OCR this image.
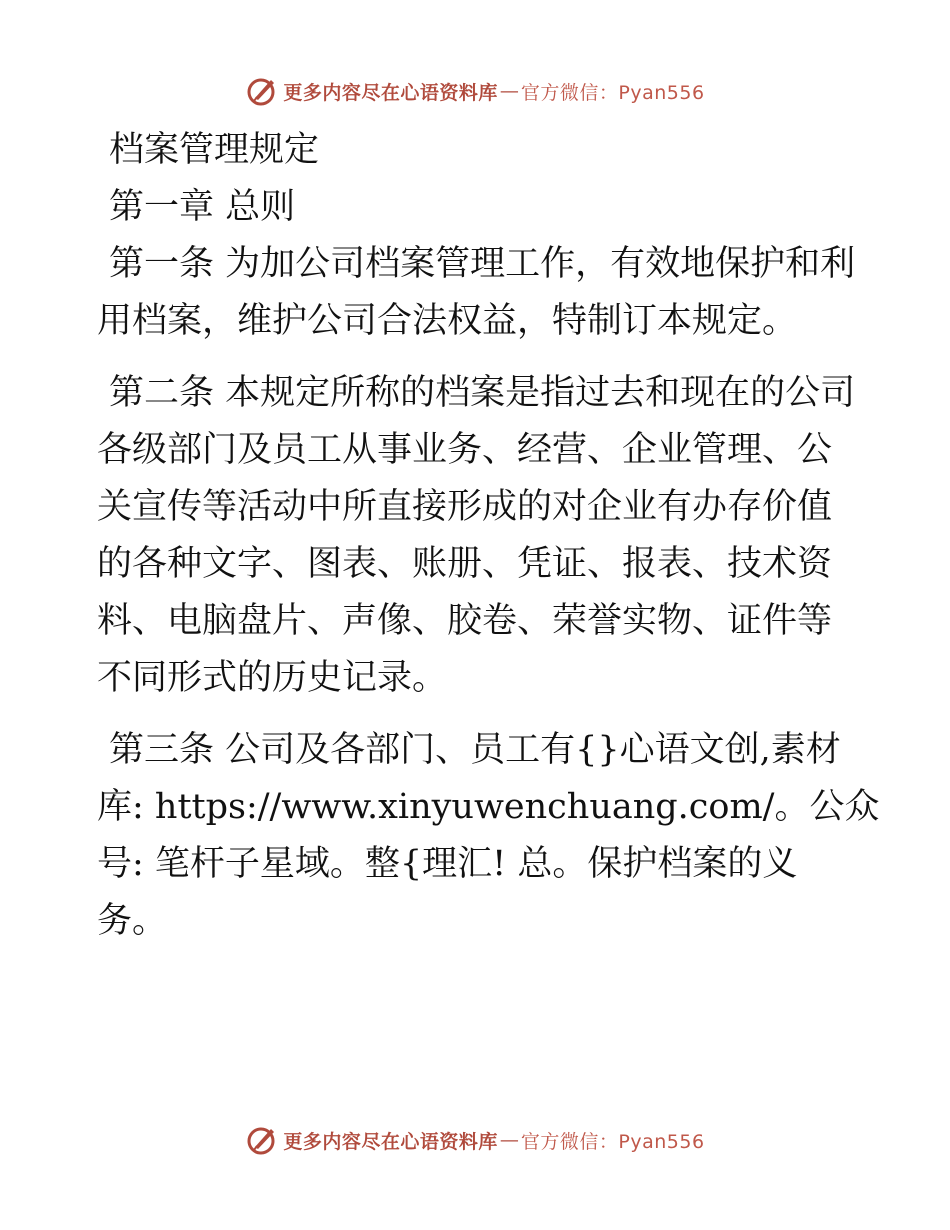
更多内容尽在心语资料库 — 官方微信：Pyan556

档案管理规定

第一章 总则

第一条 为加公司档案管理工作，有效地保护和利用档案，维护公司合法权益，特制订本规定。

第二条 本规定所称的档案是指过去和现在的公司各级部门及员工从事业务、经营、企业管理、公关宣传等活动中所直接形成的对企业有办存价值的各种文字、图表、账册、凭证、报表、技术资料、电脑盘片、声像、胶卷、荣誉实物、证件等不同形式的历史记录。

第三条 公司及各部门、员工有{}心语文创,素材

库: https://www.xinyuwenchuang.com/。公众

号: 笔杆子星域。整{理汇! 总。保护档案的义

务。

更多内容尽在心语资料库 — 官方微信：Pyan556
